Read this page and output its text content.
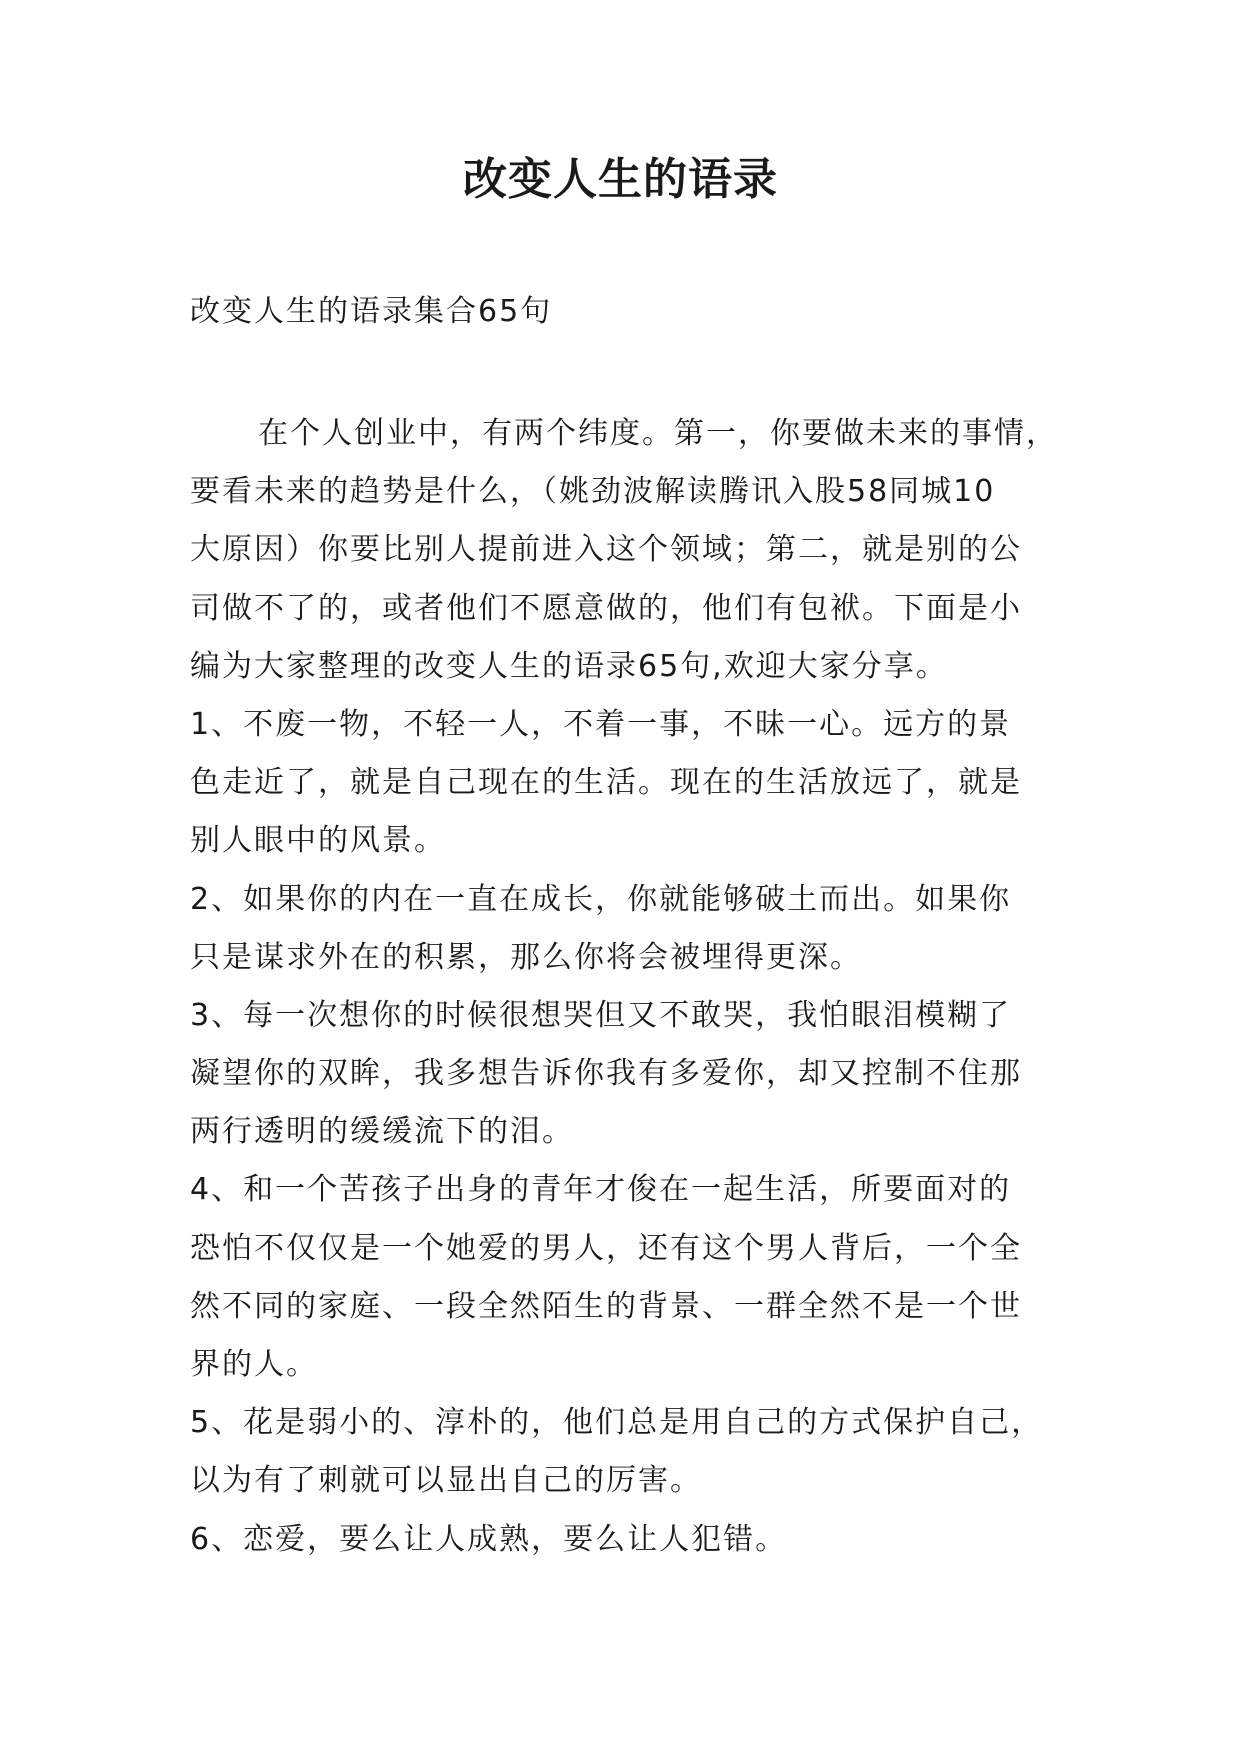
改变人生的语录

改变人生的语录集合65句

在个人创业中，有两个纬度。第一，你要做未来的事情，

要看未来的趋势是什么，（姚劲波解读腾讯入股58同城10

大原因）你要比别人提前进入这个领域；第二，就是别的公

司做不了的，或者他们不愿意做的，他们有包袱。下面是小

编为大家整理的改变人生的语录65句,欢迎大家分享。

1、不废一物，不轻一人，不着一事，不昧一心。远方的景

色走近了，就是自己现在的生活。现在的生活放远了，就是

别人眼中的风景。

2、如果你的内在一直在成长，你就能够破土而出。如果你

只是谋求外在的积累，那么你将会被埋得更深。

3、每一次想你的时候很想哭但又不敢哭，我怕眼泪模糊了

凝望你的双眸，我多想告诉你我有多爱你，却又控制不住那

两行透明的缓缓流下的泪。

4、和一个苦孩子出身的青年才俊在一起生活，所要面对的

恐怕不仅仅是一个她爱的男人，还有这个男人背后，一个全

然不同的家庭、一段全然陌生的背景、一群全然不是一个世

界的人。

5、花是弱小的、淳朴的，他们总是用自己的方式保护自己，

以为有了刺就可以显出自己的厉害。

6、恋爱，要么让人成熟，要么让人犯错。
